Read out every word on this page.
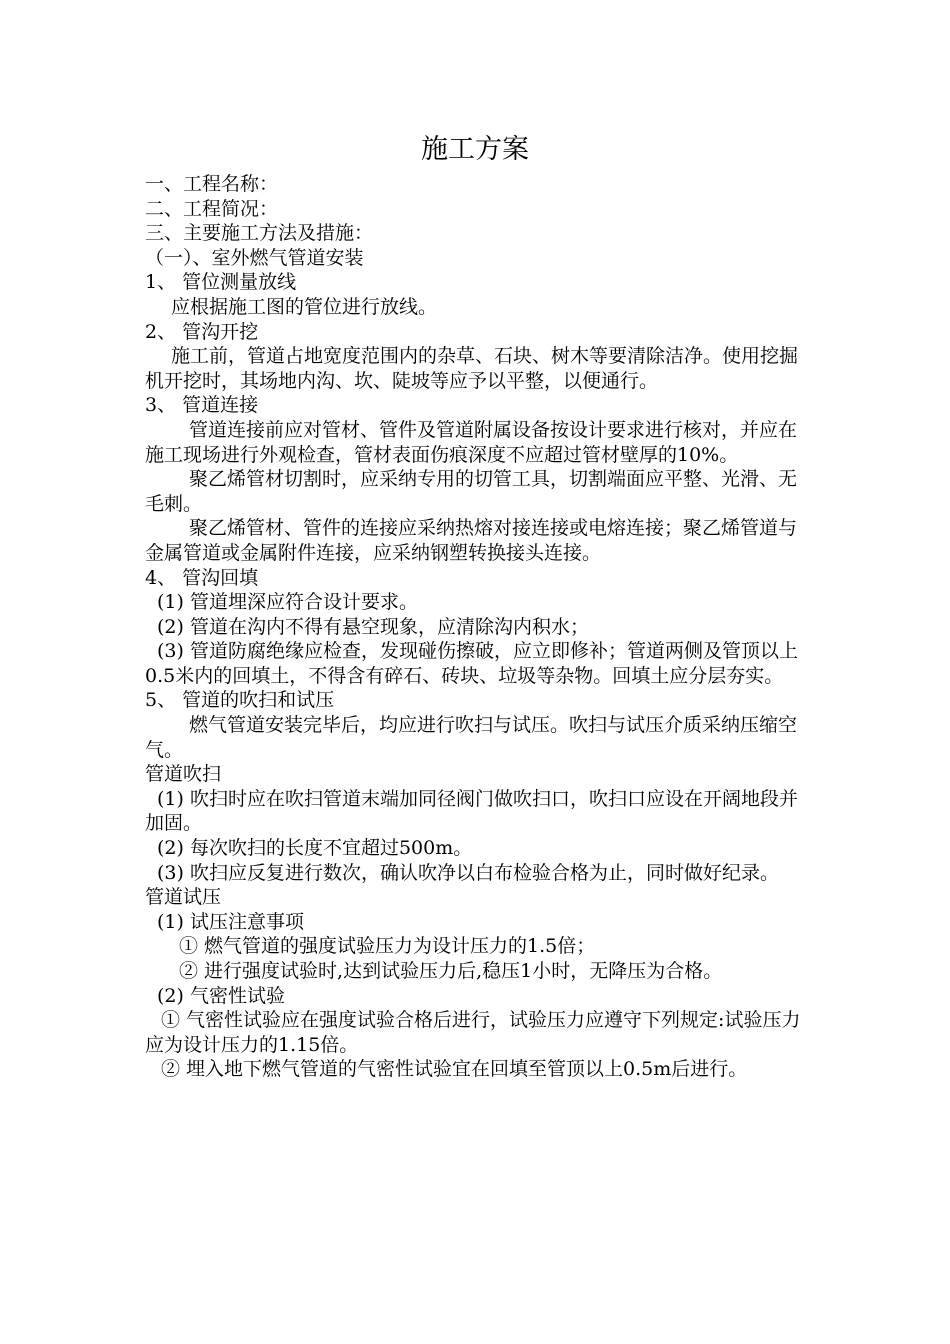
施工方案

一、工程名称：

二、工程简况：

三、主要施工方法及措施：

（一）、室外燃气管道安装

1、 管位测量放线

应根据施工图的管位进行放线。

2、 管沟开挖

施工前，管道占地宽度范围内的杂草、石块、树木等要清除洁净。使用挖掘机开挖时，其场地内沟、坎、陡坡等应予以平整，以便通行。

3、 管道连接

管道连接前应对管材、管件及管道附属设备按设计要求进行核对，并应在施工现场进行外观检查，管材表面伤痕深度不应超过管材壁厚的10%。

聚乙烯管材切割时，应采纳专用的切管工具，切割端面应平整、光滑、无毛刺。

聚乙烯管材、管件的连接应采纳热熔对接连接或电熔连接；聚乙烯管道与金属管道或金属附件连接，应采纳钢塑转换接头连接。

4、 管沟回填

(1) 管道埋深应符合设计要求。

(2) 管道在沟内不得有悬空现象，应清除沟内积水；

(3) 管道防腐绝缘应检查，发现碰伤擦破，应立即修补；管道两侧及管顶以上0.5米内的回填土，不得含有碎石、砖块、垃圾等杂物。回填土应分层夯实。

5、 管道的吹扫和试压

燃气管道安装完毕后，均应进行吹扫与试压。吹扫与试压介质采纳压缩空气。

管道吹扫

(1) 吹扫时应在吹扫管道末端加同径阀门做吹扫口，吹扫口应设在开阔地段并加固。

(2) 每次吹扫的长度不宜超过500m。

(3) 吹扫应反复进行数次，确认吹净以白布检验合格为止，同时做好纪录。

管道试压

(1) 试压注意事项

① 燃气管道的强度试验压力为设计压力的1.5倍；

② 进行强度试验时,达到试验压力后,稳压1小时，无降压为合格。

(2) 气密性试验

① 气密性试验应在强度试验合格后进行，试验压力应遵守下列规定:试验压力应为设计压力的1.15倍。

② 埋入地下燃气管道的气密性试验宜在回填至管顶以上0.5m后进行。
